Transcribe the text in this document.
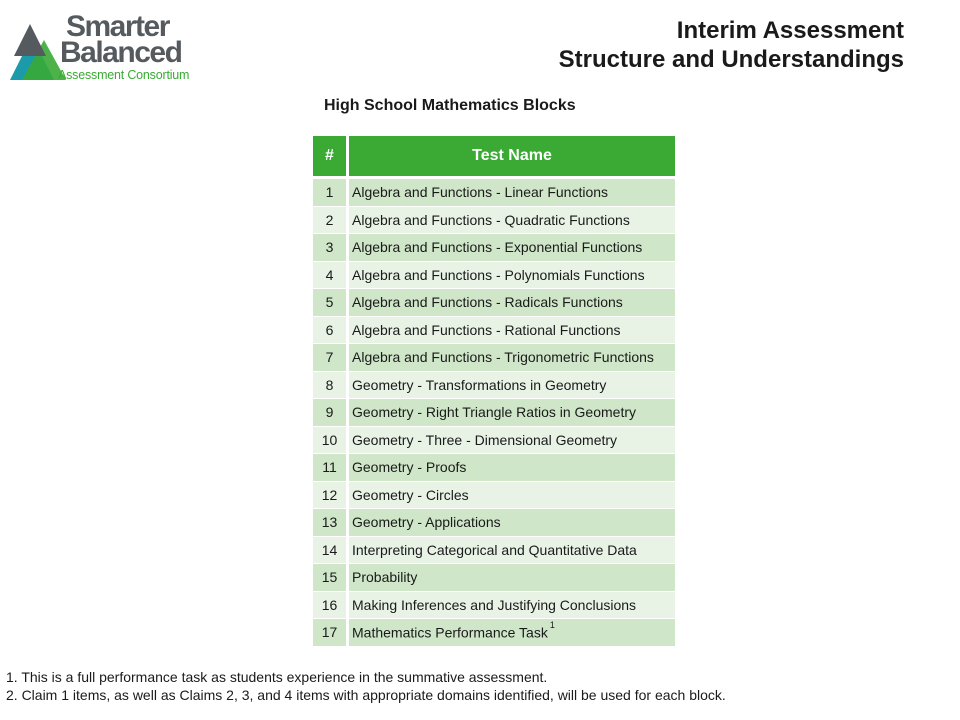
Smarter
Balanced
Assessment Consortium
Interim Assessment
Structure and Understandings
High School Mathematics Blocks
#	Test Name
1	Algebra and Functions - Linear Functions
2	Algebra and Functions - Quadratic Functions
3	Algebra and Functions - Exponential Functions
4	Algebra and Functions - Polynomials Functions
5	Algebra and Functions - Radicals Functions
6	Algebra and Functions - Rational Functions
7	Algebra and Functions - Trigonometric Functions
8	Geometry - Transformations in Geometry
9	Geometry - Right Triangle Ratios in Geometry
10	Geometry - Three - Dimensional Geometry
11	Geometry - Proofs
12	Geometry - Circles
13	Geometry - Applications
14	Interpreting Categorical and Quantitative Data
15	Probability
16	Making Inferences and Justifying Conclusions
17	Mathematics Performance Task $^1$
1. This is a full performance task as students experience in the summative assessment.
2. Claim 1 items, as well as Claims 2, 3, and 4 items with appropriate domains identified, will be used for each block.
